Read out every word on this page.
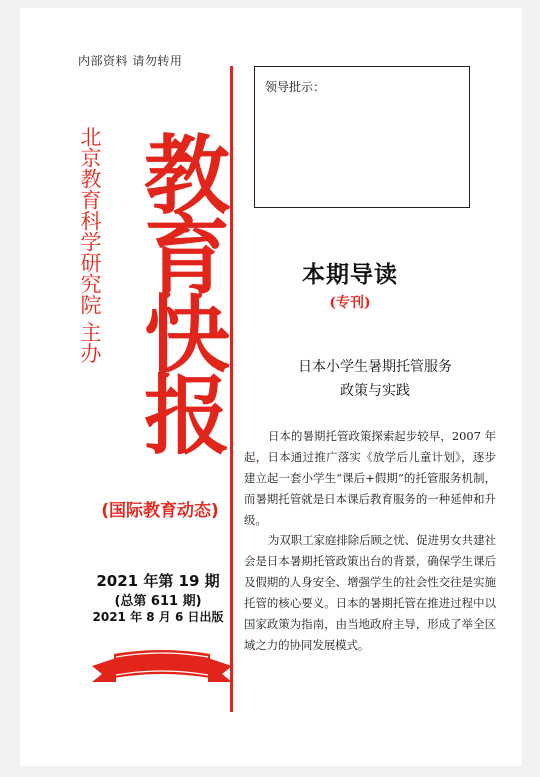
内部资料 请勿转用
北京教育科学研究院 主办 教育快报
(国际教育动态)
2021 年第 19 期
(总第 611 期)
2021 年 8 月 6 日出版
领导批示：
本期导读
(专刊)
日本小学生暑期托管服务
政策与实践

日本的暑期托管政策探索起步较早，2007 年起，日本通过推广落实《放学后儿童计划》，逐步建立起一套小学生“课后+假期”的托管服务机制，而暑期托管就是日本课后教育服务的一种延伸和升级。

为双职工家庭排除后顾之忧、促进男女共建社会是日本暑期托管政策出台的背景，确保学生课后及假期的人身安全、增强学生的社会性交往是实施托管的核心要义。日本的暑期托管在推进过程中以国家政策为指南，由当地政府主导，形成了举全区域之力的协同发展模式。
